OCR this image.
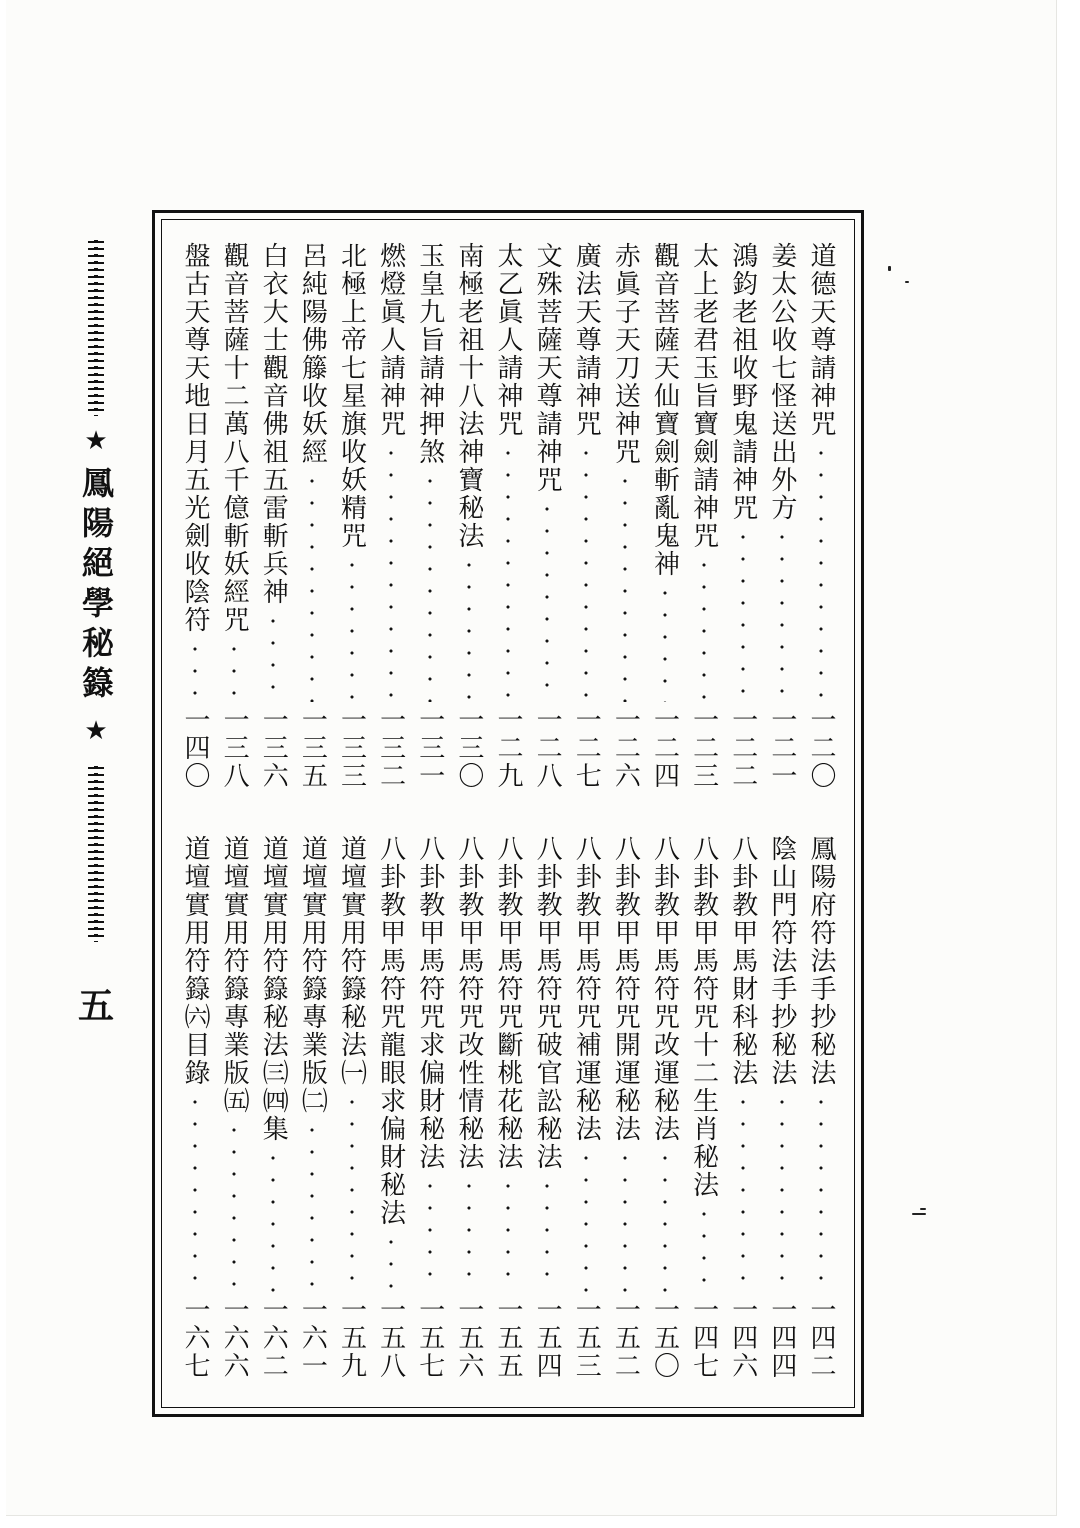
★
鳳陽絕學秘籙
★
五
道德天尊請神咒
一二〇
姜太公收七怪送出外方
一二一
鴻鈞老祖收野鬼請神咒
一二二
太上老君玉旨寶劍請神咒
一二三
觀音菩薩天仙寶劍斬亂鬼神
一二四
赤眞子天刀送神咒
一二六
廣法天尊請神咒
一二七
文殊菩薩天尊請神咒
一二八
太乙眞人請神咒
一二九
南極老祖十八法神寶秘法
一三〇
玉皇九旨請神押煞
一三一
燃燈眞人請神咒
一三二
北極上帝七星旗收妖精咒
一三三
呂純陽佛籐收妖經
一三五
白衣大士觀音佛祖五雷斬兵神
一三六
觀音菩薩十二萬八千億斬妖經咒
一三八
盤古天尊天地日月五光劍收陰符
一四〇
鳳陽府符法手抄秘法
一四二
陰山門符法手抄秘法
一四四
八卦教甲馬財科秘法
一四六
八卦教甲馬符咒十二生肖秘法
一四七
八卦教甲馬符咒改運秘法
一五〇
八卦教甲馬符咒開運秘法
一五二
八卦教甲馬符咒補運秘法
一五三
八卦教甲馬符咒破官訟秘法
一五四
八卦教甲馬符咒斷桃花秘法
一五五
八卦教甲馬符咒改性情秘法
一五六
八卦教甲馬符咒求偏財秘法
一五七
八卦教甲馬符咒龍眼求偏財秘法
一五八
道壇實用符籙秘法㈠
一五九
道壇實用符籙專業版㈡
一六一
道壇實用符籙秘法㈢㈣集
一六二
道壇實用符籙專業版㈤
一六六
道壇實用符籙㈥目錄
一六七
